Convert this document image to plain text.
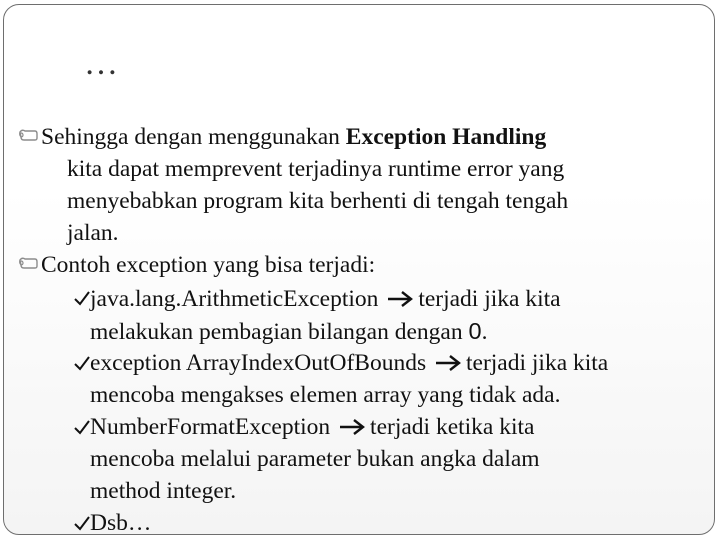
…
Sehingga dengan menggunakan Exception Handling
kita dapat memprevent terjadinya runtime error yang
menyebabkan program kita berhenti di tengah tengah
jalan.
Contoh exception yang bisa terjadi:
java.lang.ArithmeticException terjadi jika kita
melakukan pembagian bilangan dengan 0.
exception ArrayIndexOutOfBounds terjadi jika kita
mencoba mengakses elemen array yang tidak ada.
NumberFormatException terjadi ketika kita
mencoba melalui parameter bukan angka dalam
method integer.
Dsb…
